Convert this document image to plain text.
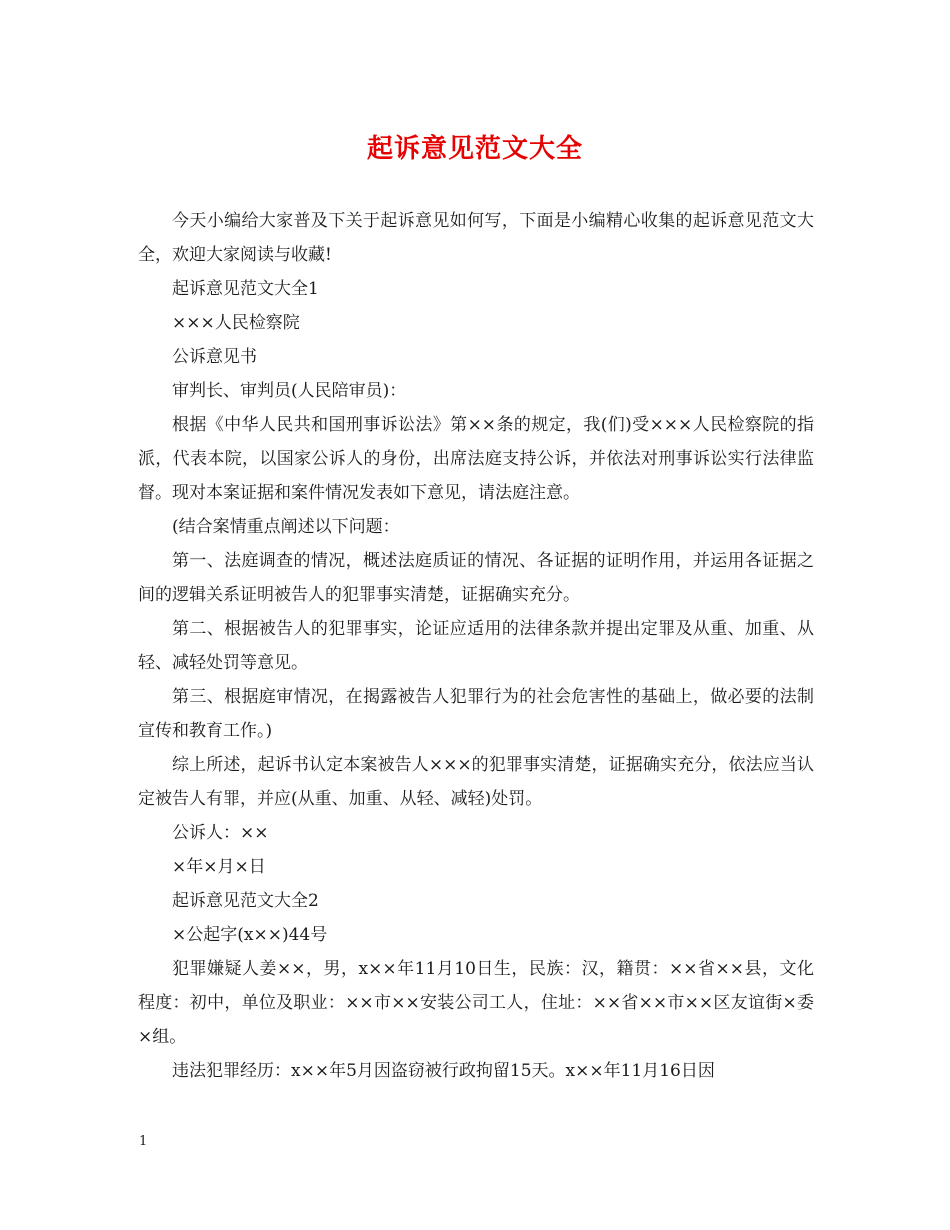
起诉意见范文大全

今天小编给大家普及下关于起诉意见如何写，下面是小编精心收集的起诉意见范文大全，欢迎大家阅读与收藏!

起诉意见范文大全1

×××人民检察院

公诉意见书

审判长、审判员(人民陪审员)：

根据《中华人民共和国刑事诉讼法》第××条的规定，我(们)受×××人民检察院的指派，代表本院，以国家公诉人的身份，出席法庭支持公诉，并依法对刑事诉讼实行法律监督。现对本案证据和案件情况发表如下意见，请法庭注意。

(结合案情重点阐述以下问题：

第一、法庭调查的情况，概述法庭质证的情况、各证据的证明作用，并运用各证据之间的逻辑关系证明被告人的犯罪事实清楚，证据确实充分。

第二、根据被告人的犯罪事实，论证应适用的法律条款并提出定罪及从重、加重、从轻、减轻处罚等意见。

第三、根据庭审情况，在揭露被告人犯罪行为的社会危害性的基础上，做必要的法制宣传和教育工作。)

综上所述，起诉书认定本案被告人×××的犯罪事实清楚，证据确实充分，依法应当认定被告人有罪，并应(从重、加重、从轻、减轻)处罚。

公诉人：××

×年×月×日

起诉意见范文大全2

×公起字(x××)44号

犯罪嫌疑人姜××，男，x××年11月10日生，民族：汉，籍贯：××省××县，文化程度：初中，单位及职业：××市××安装公司工人，住址：××省××市××区友谊街×委×组。

违法犯罪经历：x××年5月因盗窃被行政拘留15天。x××年11月16日因

1
